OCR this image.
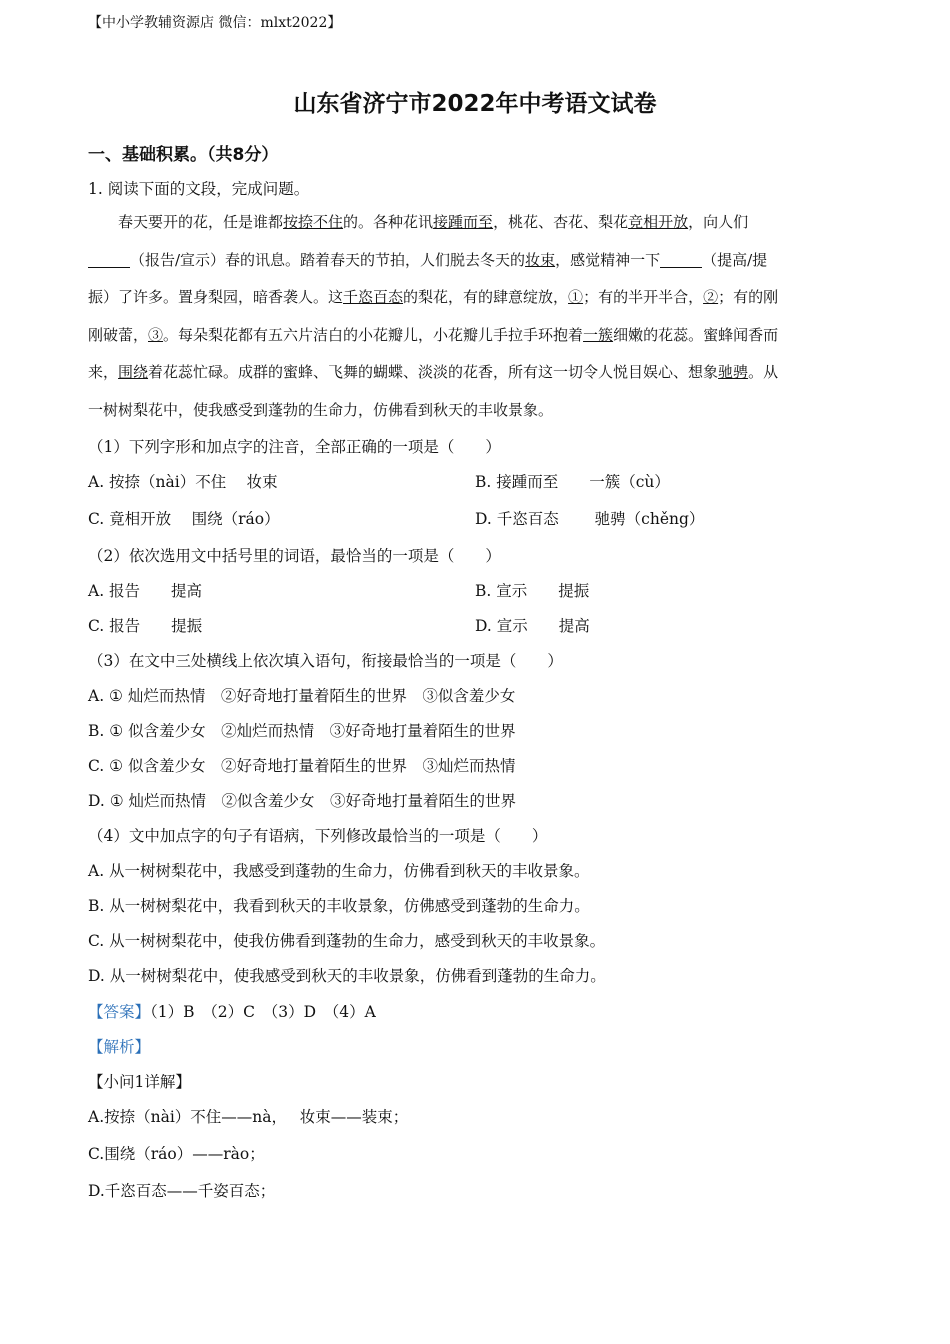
【中小学教辅资源店 微信：mlxt2022】
山东省济宁市2022年中考语文试卷
一、基础积累。（共8分）
1. 阅读下面的文段，完成问题。

春天要开的花，任是谁都按捺不住的。各种花讯接踵而至，桃花、杏花、梨花竞相开放，向人们

（报告/宣示）春的讯息。踏着春天的节拍，人们脱去冬天的妆束，感觉精神一下	（提高/提

振）了许多。置身梨园，暗香袭人。这千恣百态的梨花，有的肆意绽放，①；有的半开半合，②；有的刚

刚破蕾，③。每朵梨花都有五六片洁白的小花瓣儿，小花瓣儿手拉手环抱着一簇细嫩的花蕊。蜜蜂闻香而

来，围绕着花蕊忙碌。成群的蜜蜂、飞舞的蝴蝶、淡淡的花香，所有这一切令人悦目娱心、想象驰骋。从

一树树梨花中，使我感受到蓬勃的生命力，仿佛看到秋天的丰收景象。

（1）下列字形和加点字的注音，全部正确的一项是（　　）
A. 按捺（nài）不住　 妆束	B. 接踵而至　　一簇（cù）
C. 竟相开放　 围绕（ráo）	D. 千恣百态　　 驰骋（chěng）
（2）依次选用文中括号里的词语，最恰当的一项是（　　）
A. 报告　　提高	B. 宣示　　提振
C. 报告　　提振	D. 宣示　　提高
（3）在文中三处横线上依次填入语句，衔接最恰当的一项是（　　）
A. ① 灿烂而热情　②好奇地打量着陌生的世界　③似含羞少女
B. ① 似含羞少女　②灿烂而热情　③好奇地打量着陌生的世界
C. ① 似含羞少女　②好奇地打量着陌生的世界　③灿烂而热情
D. ① 灿烂而热情　②似含羞少女　③好奇地打量着陌生的世界
（4）文中加点字的句子有语病，下列修改最恰当的一项是（　　）
A. 从一树树梨花中，我感受到蓬勃的生命力，仿佛看到秋天的丰收景象。
B. 从一树树梨花中，我看到秋天的丰收景象，仿佛感受到蓬勃的生命力。
C. 从一树树梨花中，使我仿佛看到蓬勃的生命力，感受到秋天的丰收景象。
D. 从一树树梨花中，使我感受到秋天的丰收景象，仿佛看到蓬勃的生命力。
【答案】（1）B　（2）C　（3）D　（4）A
【解析】
【小问1详解】
A.按捺（nài）不住——nà，　 妆束——装束；
C.围绕（ráo）——rào；
D.千恣百态——千姿百态；
